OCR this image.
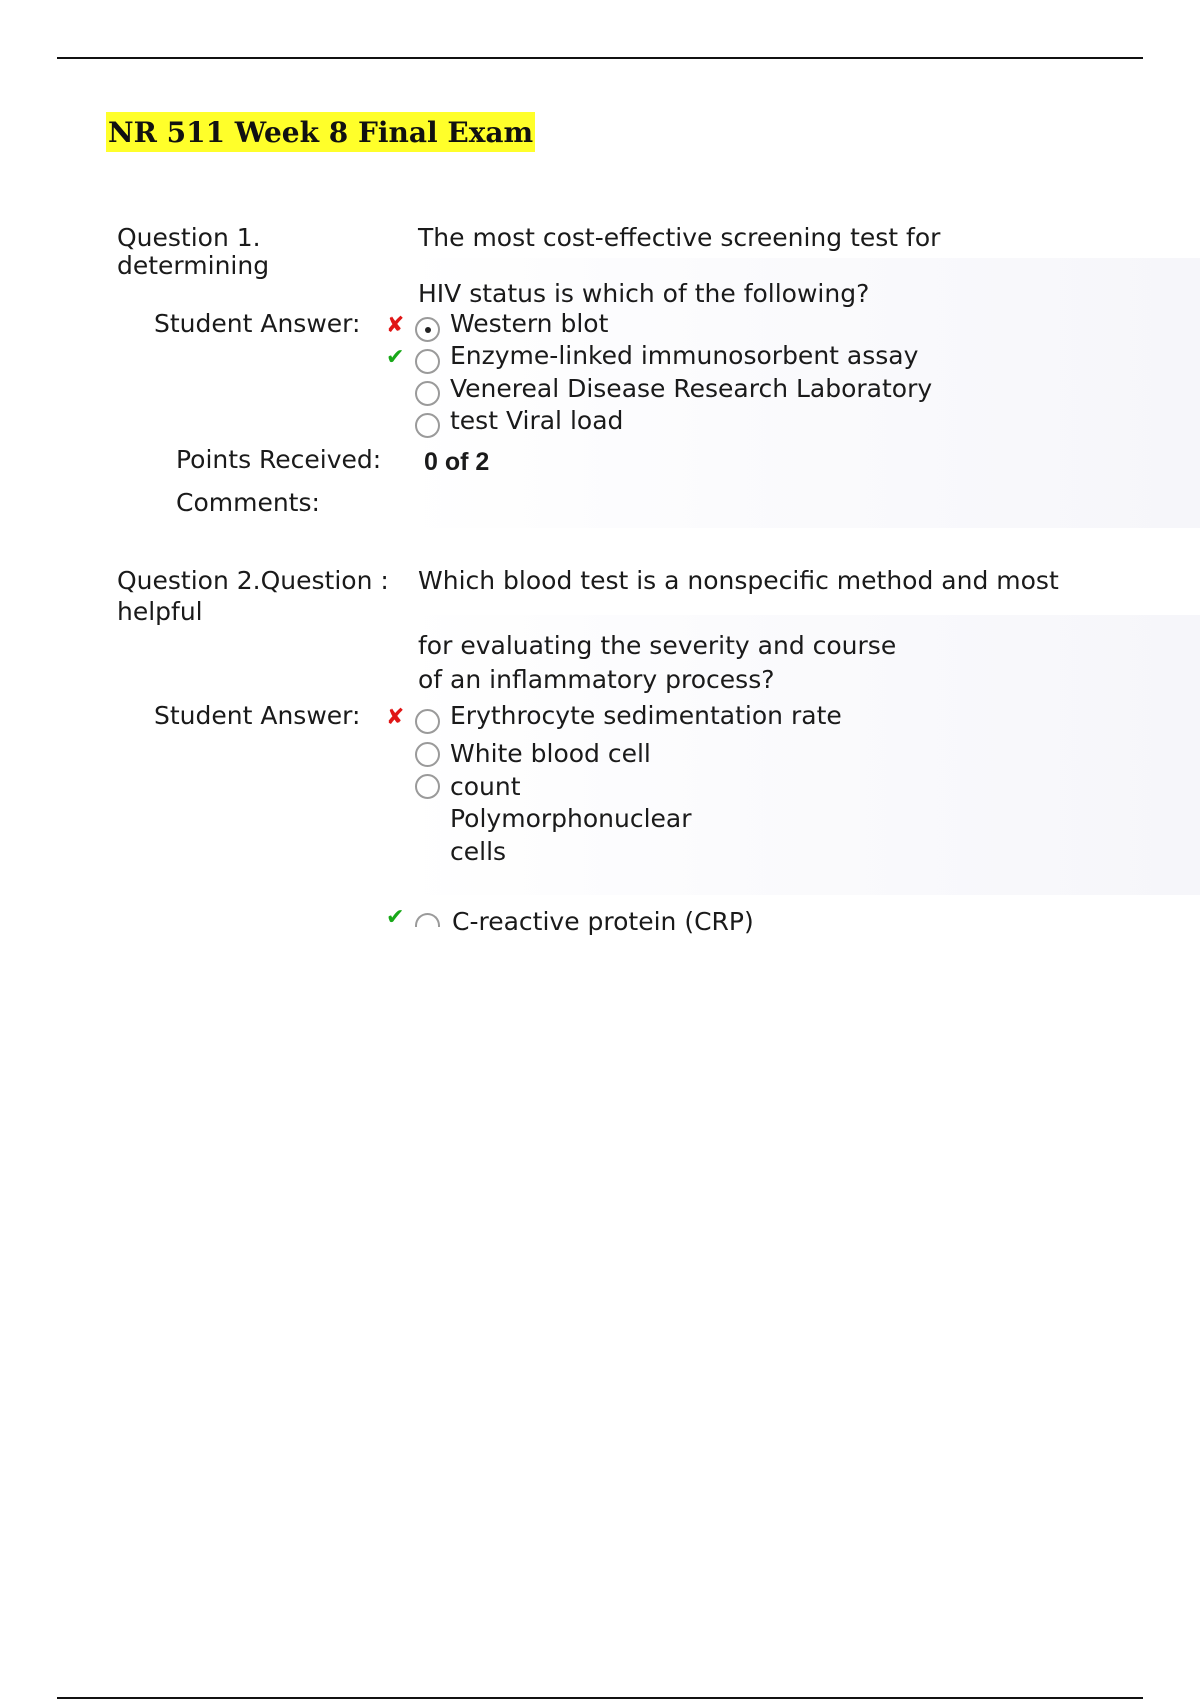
NR 511 Week 8 Final Exam
Question 1.
determining
The most cost-effective screening test for
HIV status is which of the following?
Student Answer: ✘ Western blot
✔ Enzyme-linked immunosorbent assay
Venereal Disease Research Laboratory
test Viral load
Points Received: 0 of 2
Comments:
Question 2.Question :
helpful
Which blood test is a nonspecific method and most
for evaluating the severity and course
of an inflammatory process?
Student Answer: ✘ Erythrocyte sedimentation rate
White blood cell
count
Polymorphonuclear
cells
✔ C-reactive protein (CRP)
